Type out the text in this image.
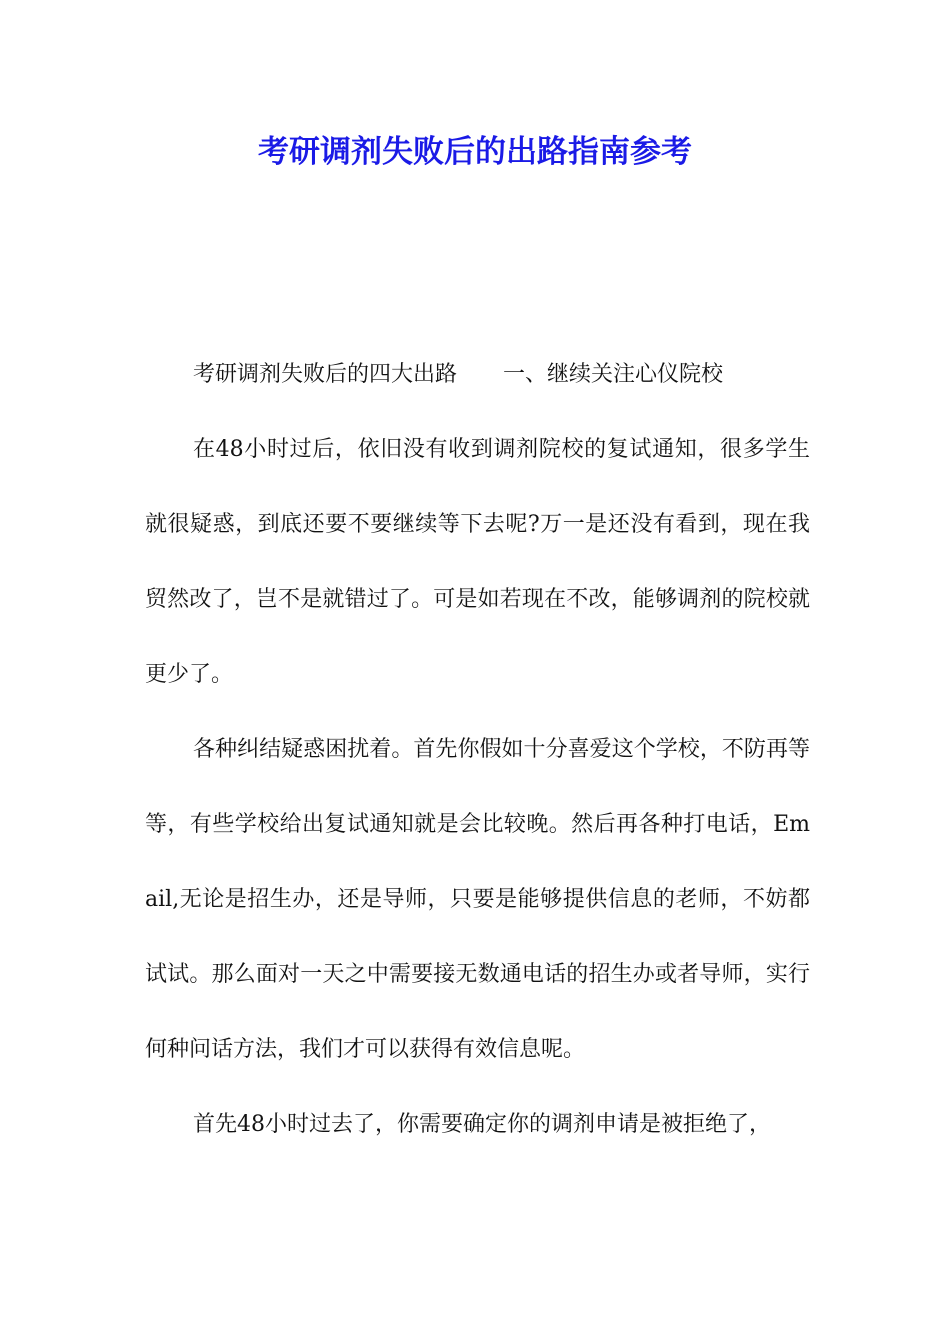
考研调剂失败后的出路指南参考

考研调剂失败后的四大出路 一、继续关注心仪院校

在48小时过后，依旧没有收到调剂院校的复试通知，很多学生就很疑惑，到底还要不要继续等下去呢?万一是还没有看到，现在我贸然改了，岂不是就错过了。可是如若现在不改，能够调剂的院校就更少了。

各种纠结疑惑困扰着。首先你假如十分喜爱这个学校，不防再等等，有些学校给出复试通知就是会比较晚。然后再各种打电话，Email,无论是招生办，还是导师，只要是能够提供信息的老师，不妨都试试。那么面对一天之中需要接无数通电话的招生办或者导师，实行何种问话方法，我们才可以获得有效信息呢。

首先48小时过去了，你需要确定你的调剂申请是被拒绝了，
